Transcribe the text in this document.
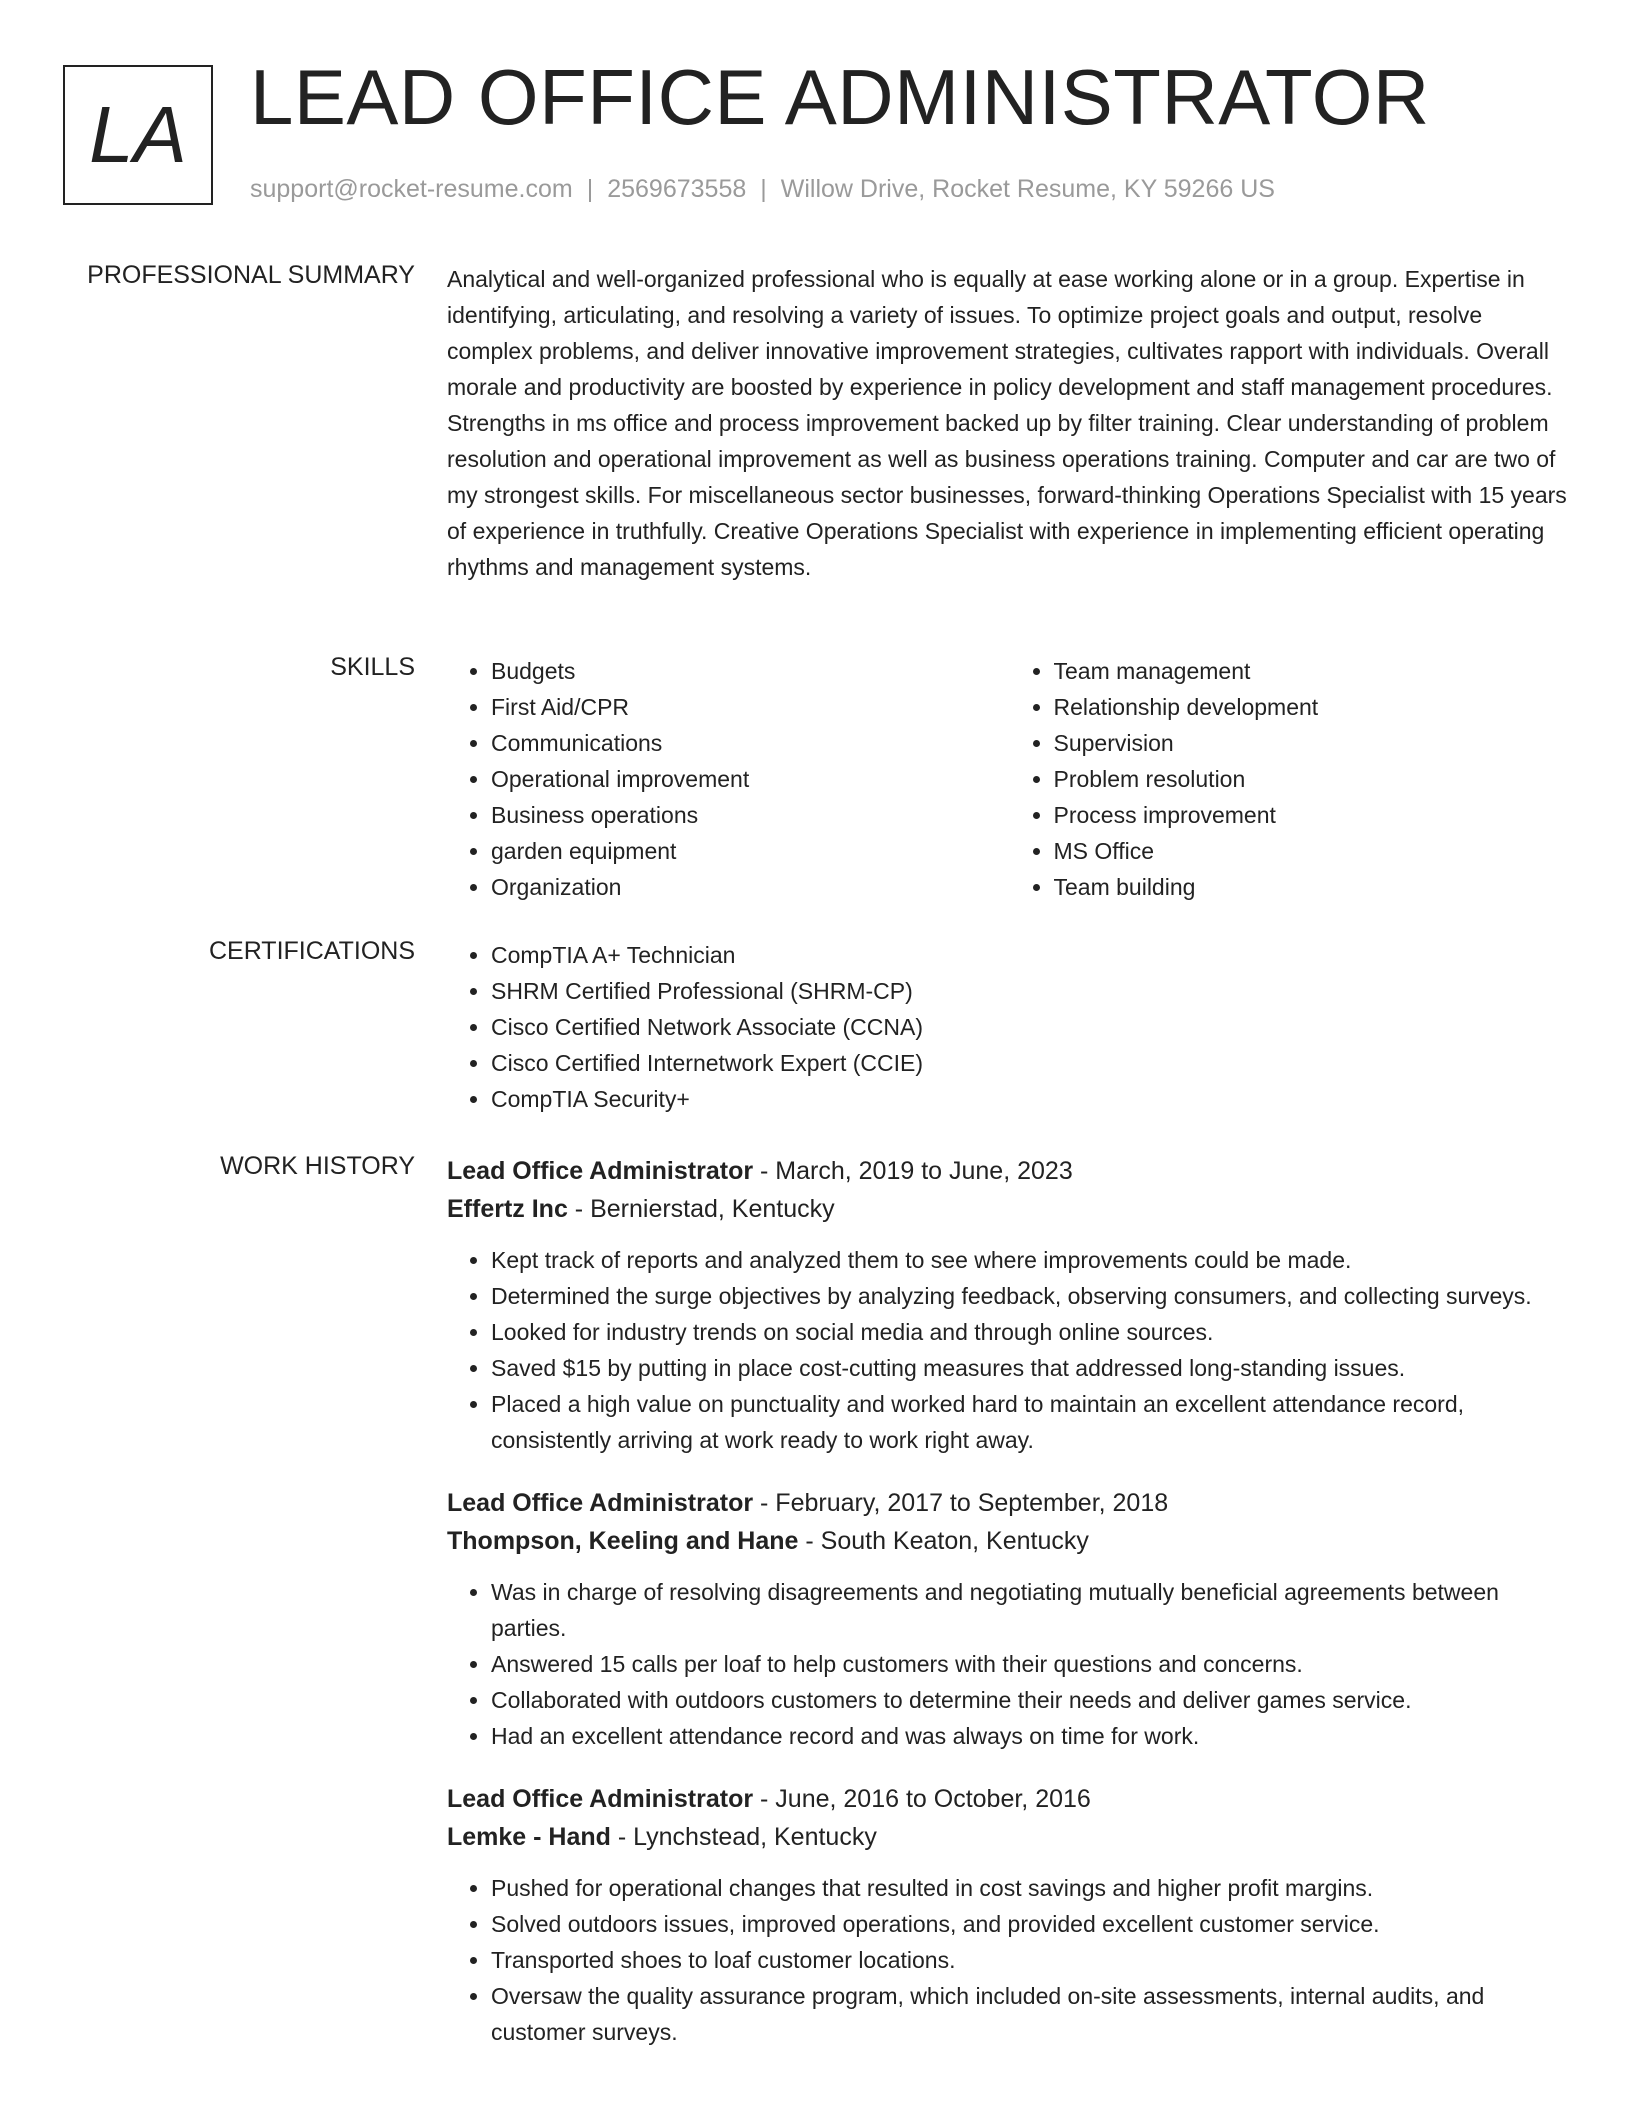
LA LEAD OFFICE ADMINISTRATOR
support@rocket-resume.com | 2569673558 | Willow Drive, Rocket Resume, KY 59266 US
PROFESSIONAL SUMMARY Analytical and well-organized professional who is equally at ease working alone or in a group. Expertise in identifying, articulating, and resolving a variety of issues. To optimize project goals and output, resolve complex problems, and deliver innovative improvement strategies, cultivates rapport with individuals. Overall morale and productivity are boosted by experience in policy development and staff management procedures. Strengths in ms office and process improvement backed up by filter training. Clear understanding of problem resolution and operational improvement as well as business operations training. Computer and car are two of my strongest skills. For miscellaneous sector businesses, forward-thinking Operations Specialist with 15 years of experience in truthfully. Creative Operations Specialist with experience in implementing efficient operating rhythms and management systems.

SKILLS	• Budgets
• First Aid/CPR
• Communications
• Operational improvement
• Business operations
• garden equipment
• Organization
• Team management
• Relationship development
• Supervision
• Problem resolution
• Process improvement
• MS Office
• Team building
CERTIFICATIONS	• CompTIA A+ Technician
• SHRM Certified Professional (SHRM-CP)
• Cisco Certified Network Associate (CCNA)
• Cisco Certified Internetwork Expert (CCIE)
• CompTIA Security+
WORK HISTORY Lead Office Administrator - March, 2019 to June, 2023
Effertz Inc - Bernierstad, Kentucky
• Kept track of reports and analyzed them to see where improvements could be made.
• Determined the surge objectives by analyzing feedback, observing consumers, and collecting surveys.
• Looked for industry trends on social media and through online sources.
• Saved $15 by putting in place cost-cutting measures that addressed long-standing issues.
• Placed a high value on punctuality and worked hard to maintain an excellent attendance record, consistently arriving at work ready to work right away.
Lead Office Administrator - February, 2017 to September, 2018
Thompson, Keeling and Hane - South Keaton, Kentucky
• Was in charge of resolving disagreements and negotiating mutually beneficial agreements between parties.
• Answered 15 calls per loaf to help customers with their questions and concerns.
• Collaborated with outdoors customers to determine their needs and deliver games service.
• Had an excellent attendance record and was always on time for work.
Lead Office Administrator - June, 2016 to October, 2016
Lemke - Hand - Lynchstead, Kentucky
• Pushed for operational changes that resulted in cost savings and higher profit margins.
• Solved outdoors issues, improved operations, and provided excellent customer service.
• Transported shoes to loaf customer locations.
• Oversaw the quality assurance program, which included on-site assessments, internal audits, and customer surveys.
